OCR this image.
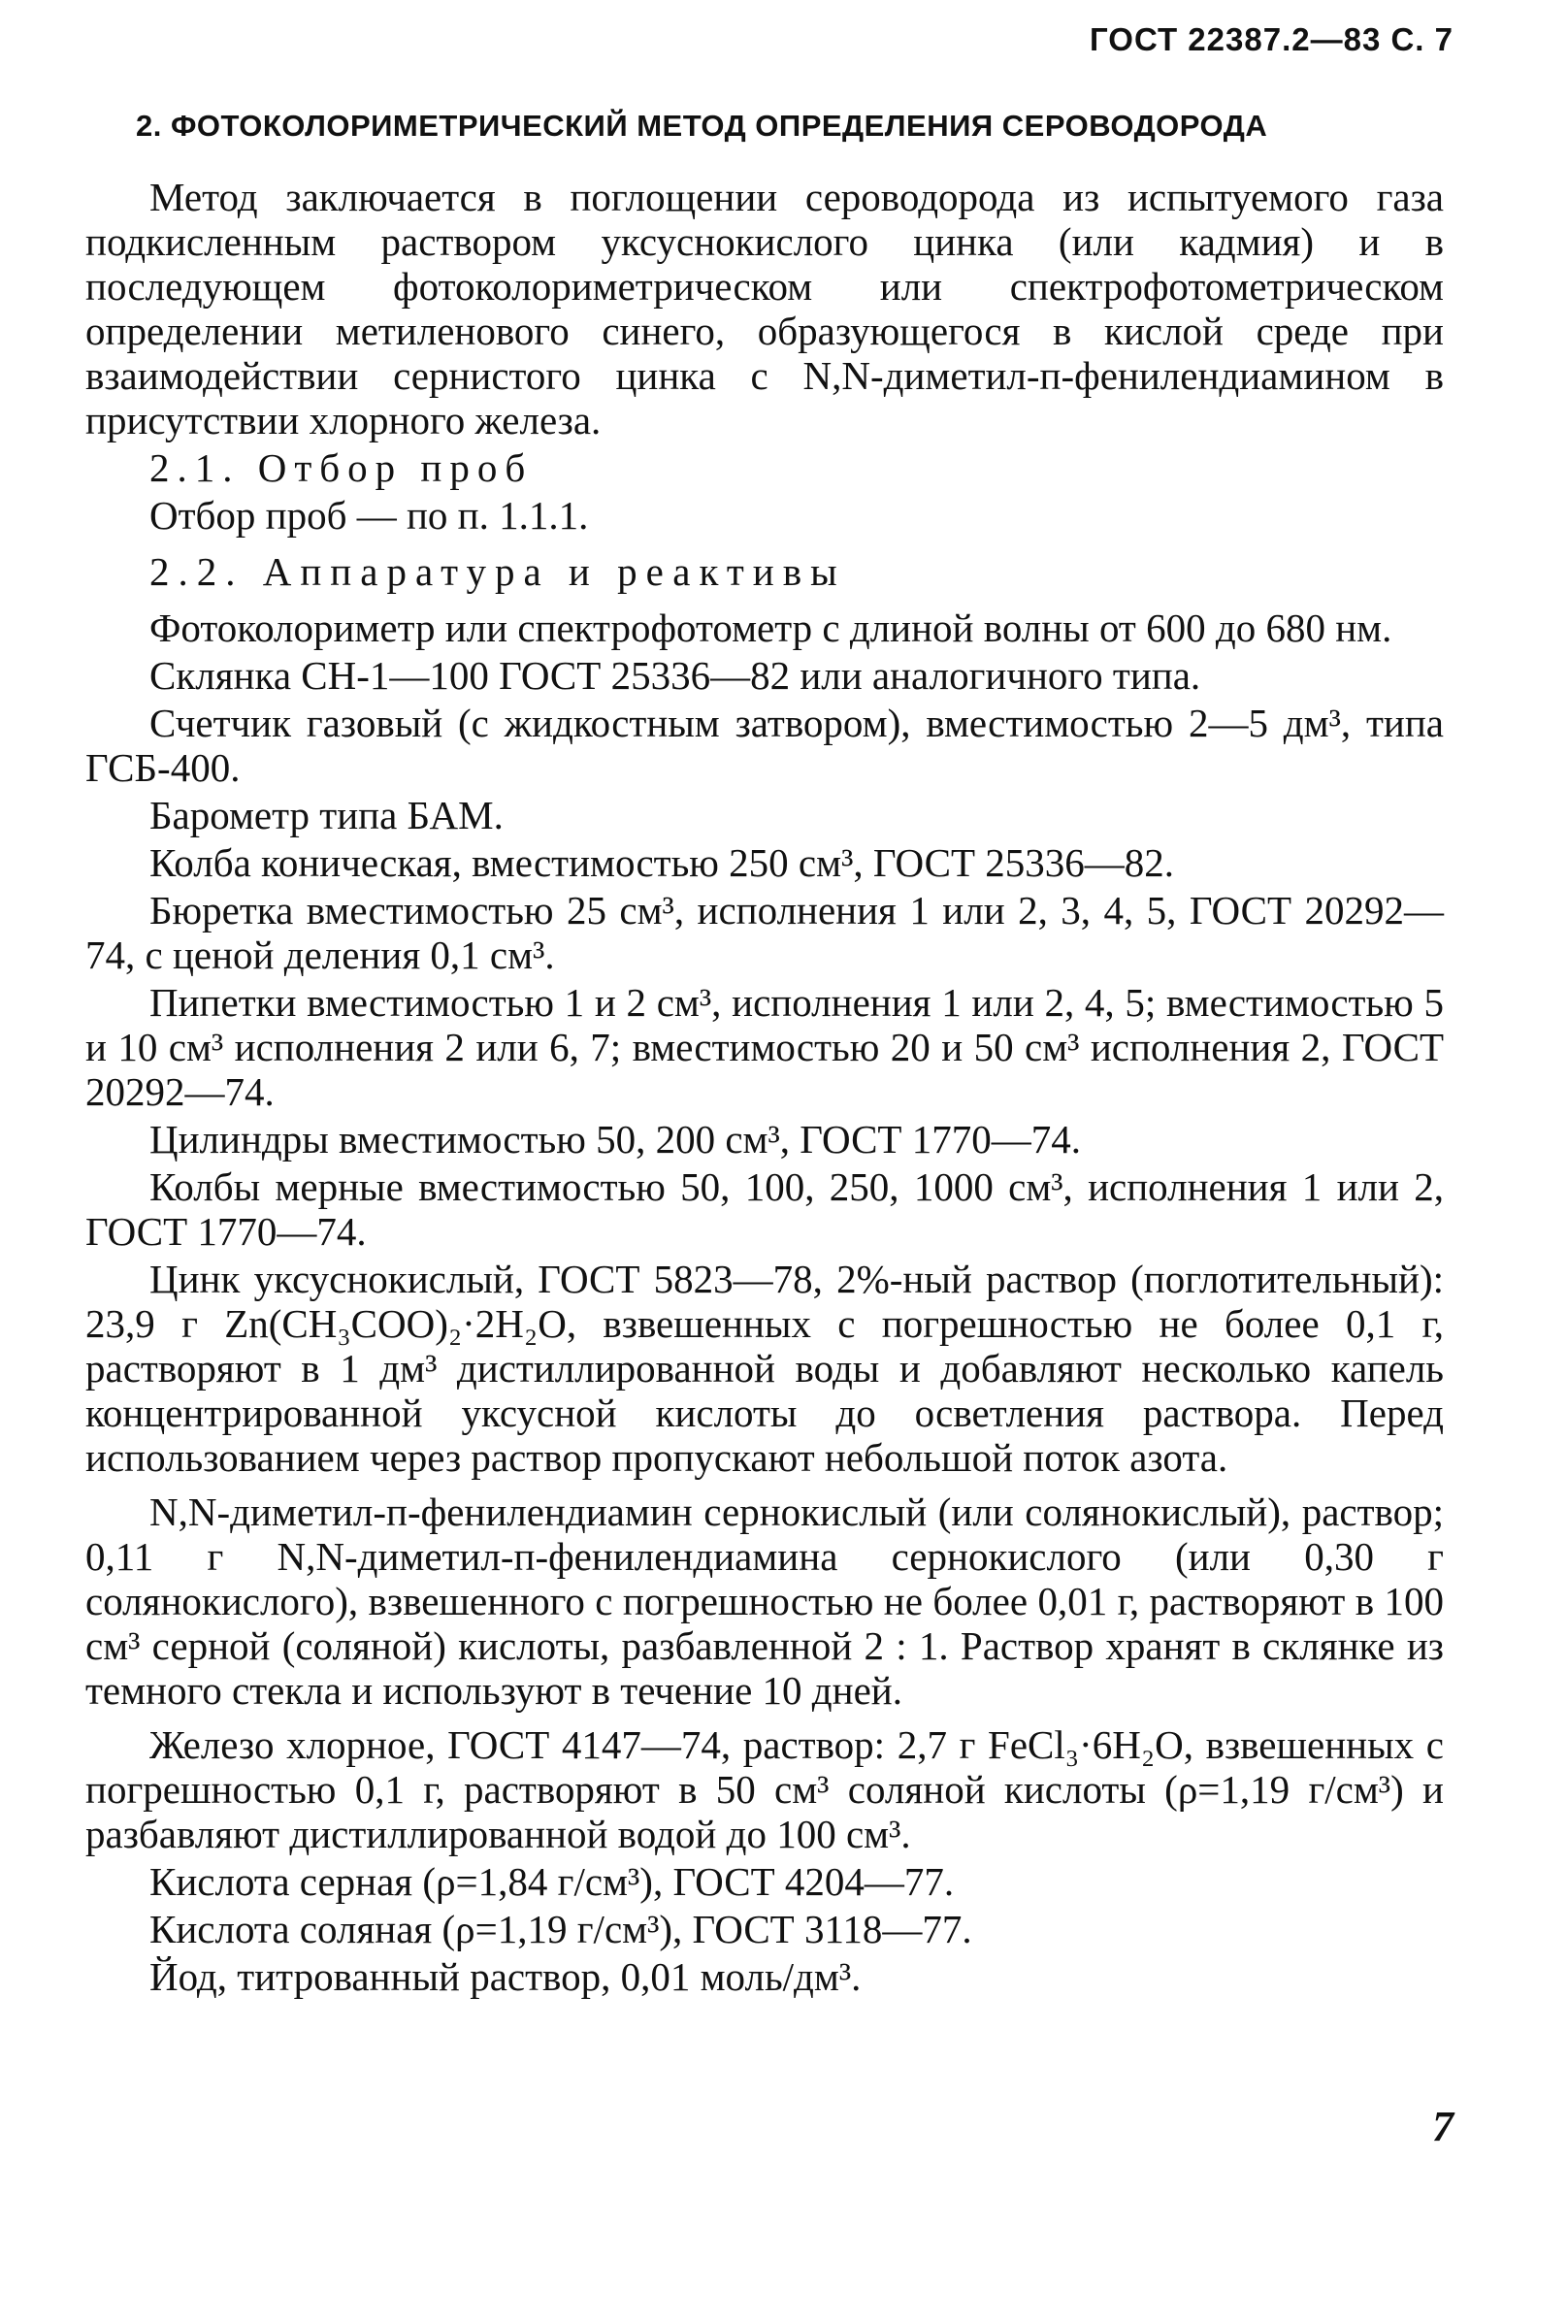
ГОСТ 22387.2—83 С. 7
2. ФОТОКОЛОРИМЕТРИЧЕСКИЙ МЕТОД ОПРЕДЕЛЕНИЯ СЕРОВОДОРОДА

Метод заключается в поглощении сероводорода из испытуемого газа подкисленным раствором уксуснокислого цинка (или кадмия) и в последующем фотоколориметрическом или спектрофотометрическом определении метиленового синего, образующегося в кислой среде при взаимодействии сернистого цинка с N,N-диметил-п-фенилендиамином в присутствии хлорного железа.

2.1. Отбор проб

Отбор проб — по п. 1.1.1.

2.2. Аппаратура и реактивы

Фотоколориметр или спектрофотометр с длиной волны от 600 до 680 нм.

Склянка СН-1—100 ГОСТ 25336—82 или аналогичного типа.

Счетчик газовый (с жидкостным затвором), вместимостью 2—5 дм³, типа ГСБ-400.

Барометр типа БАМ.

Колба коническая, вместимостью 250 см³, ГОСТ 25336—82.

Бюретка вместимостью 25 см³, исполнения 1 или 2, 3, 4, 5, ГОСТ 20292—74, с ценой деления 0,1 см³.

Пипетки вместимостью 1 и 2 см³, исполнения 1 или 2, 4, 5; вместимостью 5 и 10 см³ исполнения 2 или 6, 7; вместимостью 20 и 50 см³ исполнения 2, ГОСТ 20292—74.

Цилиндры вместимостью 50, 200 см³, ГОСТ 1770—74.

Колбы мерные вместимостью 50, 100, 250, 1000 см³, исполнения 1 или 2, ГОСТ 1770—74.

Цинк уксуснокислый, ГОСТ 5823—78, 2%-ный раствор (поглотительный): 23,9 г Zn(CH₃COO)₂·2H₂O, взвешенных с погрешностью не более 0,1 г, растворяют в 1 дм³ дистиллированной воды и добавляют несколько капель концентрированной уксусной кислоты до осветления раствора. Перед использованием через раствор пропускают небольшой поток азота.

N,N-диметил-п-фенилендиамин сернокислый (или солянокислый), раствор; 0,11 г N,N-диметил-п-фенилендиамина сернокислого (или 0,30 г солянокислого), взвешенного с погрешностью не более 0,01 г, растворяют в 100 см³ серной (соляной) кислоты, разбавленной 2 : 1. Раствор хранят в склянке из темного стекла и используют в течение 10 дней.

Железо хлорное, ГОСТ 4147—74, раствор: 2,7 г FeCl₃·6H₂O, взвешенных с погрешностью 0,1 г, растворяют в 50 см³ соляной кислоты (ρ=1,19 г/см³) и разбавляют дистиллированной водой до 100 см³.

Кислота серная (ρ=1,84 г/см³), ГОСТ 4204—77.

Кислота соляная (ρ=1,19 г/см³), ГОСТ 3118—77.

Йод, титрованный раствор, 0,01 моль/дм³.

7
